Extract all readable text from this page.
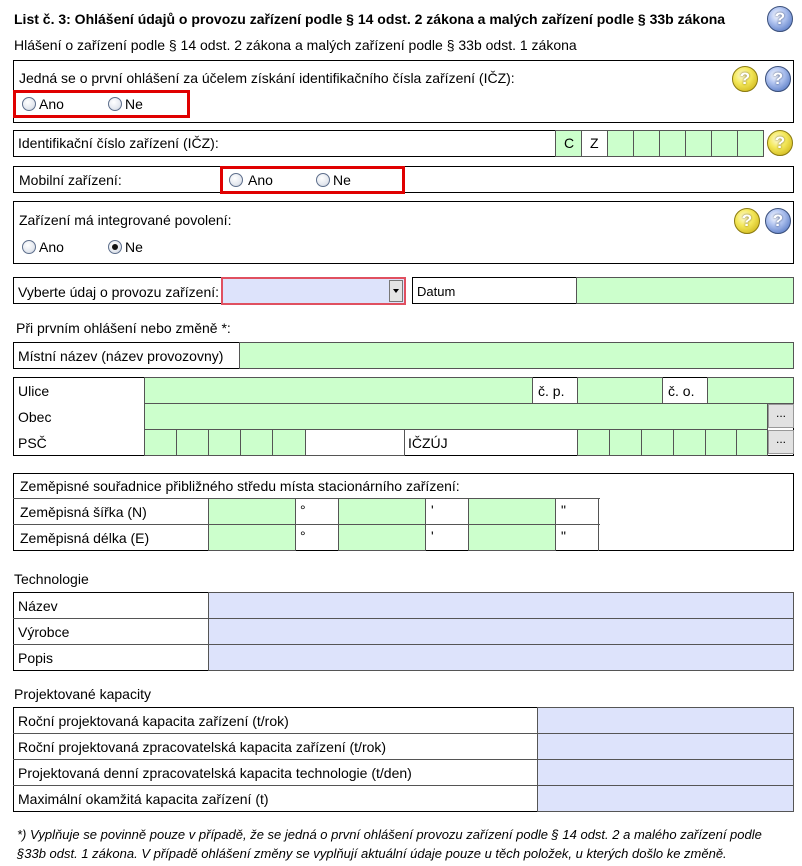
List č. 3: Ohlášení údajů o provozu zařízení podle § 14 odst. 2 zákona a malých zařízení podle § 33b zákona	?
Hlášení o zařízení podle § 14 odst. 2 zákona a malých zařízení podle § 33b odst. 1 zákona
Jedná se o první ohlášení za účelem získání identifikačního čísla zařízení (IČZ):	?	?
Ano	Ne
Identifikační číslo zařízení (IČZ):	C Z	?
Mobilní zařízení:	Ano	Ne
Zařízení má integrované povolení:	?	?
Ano	Ne
Vyberte údaj o provozu zařízení:	Datum
Při prvním ohlášení nebo změně *:
Místní název (název provozovny)
Ulice	č. p.	č. o.
Obec	...
PSČ	IČZÚJ	...
Zeměpisné souřadnice přibližného středu místa stacionárního zařízení:
Zeměpisná šířka (N)	°	'	"
Zeměpisná délka (E)	°	'	"
Technologie
Název
Výrobce
Popis
Projektované kapacity
Roční projektovaná kapacita zařízení (t/rok)
Roční projektovaná zpracovatelská kapacita zařízení (t/rok)
Projektovaná denní zpracovatelská kapacita technologie (t/den)
Maximální okamžitá kapacita zařízení (t)
*) Vyplňuje se povinně pouze v případě, že se jedná o první ohlášení provozu zařízení podle § 14 odst. 2 a malého zařízení podle
§33b odst. 1 zákona. V případě ohlášení změny se vyplňují aktuální údaje pouze u těch položek, u kterých došlo ke změně.
